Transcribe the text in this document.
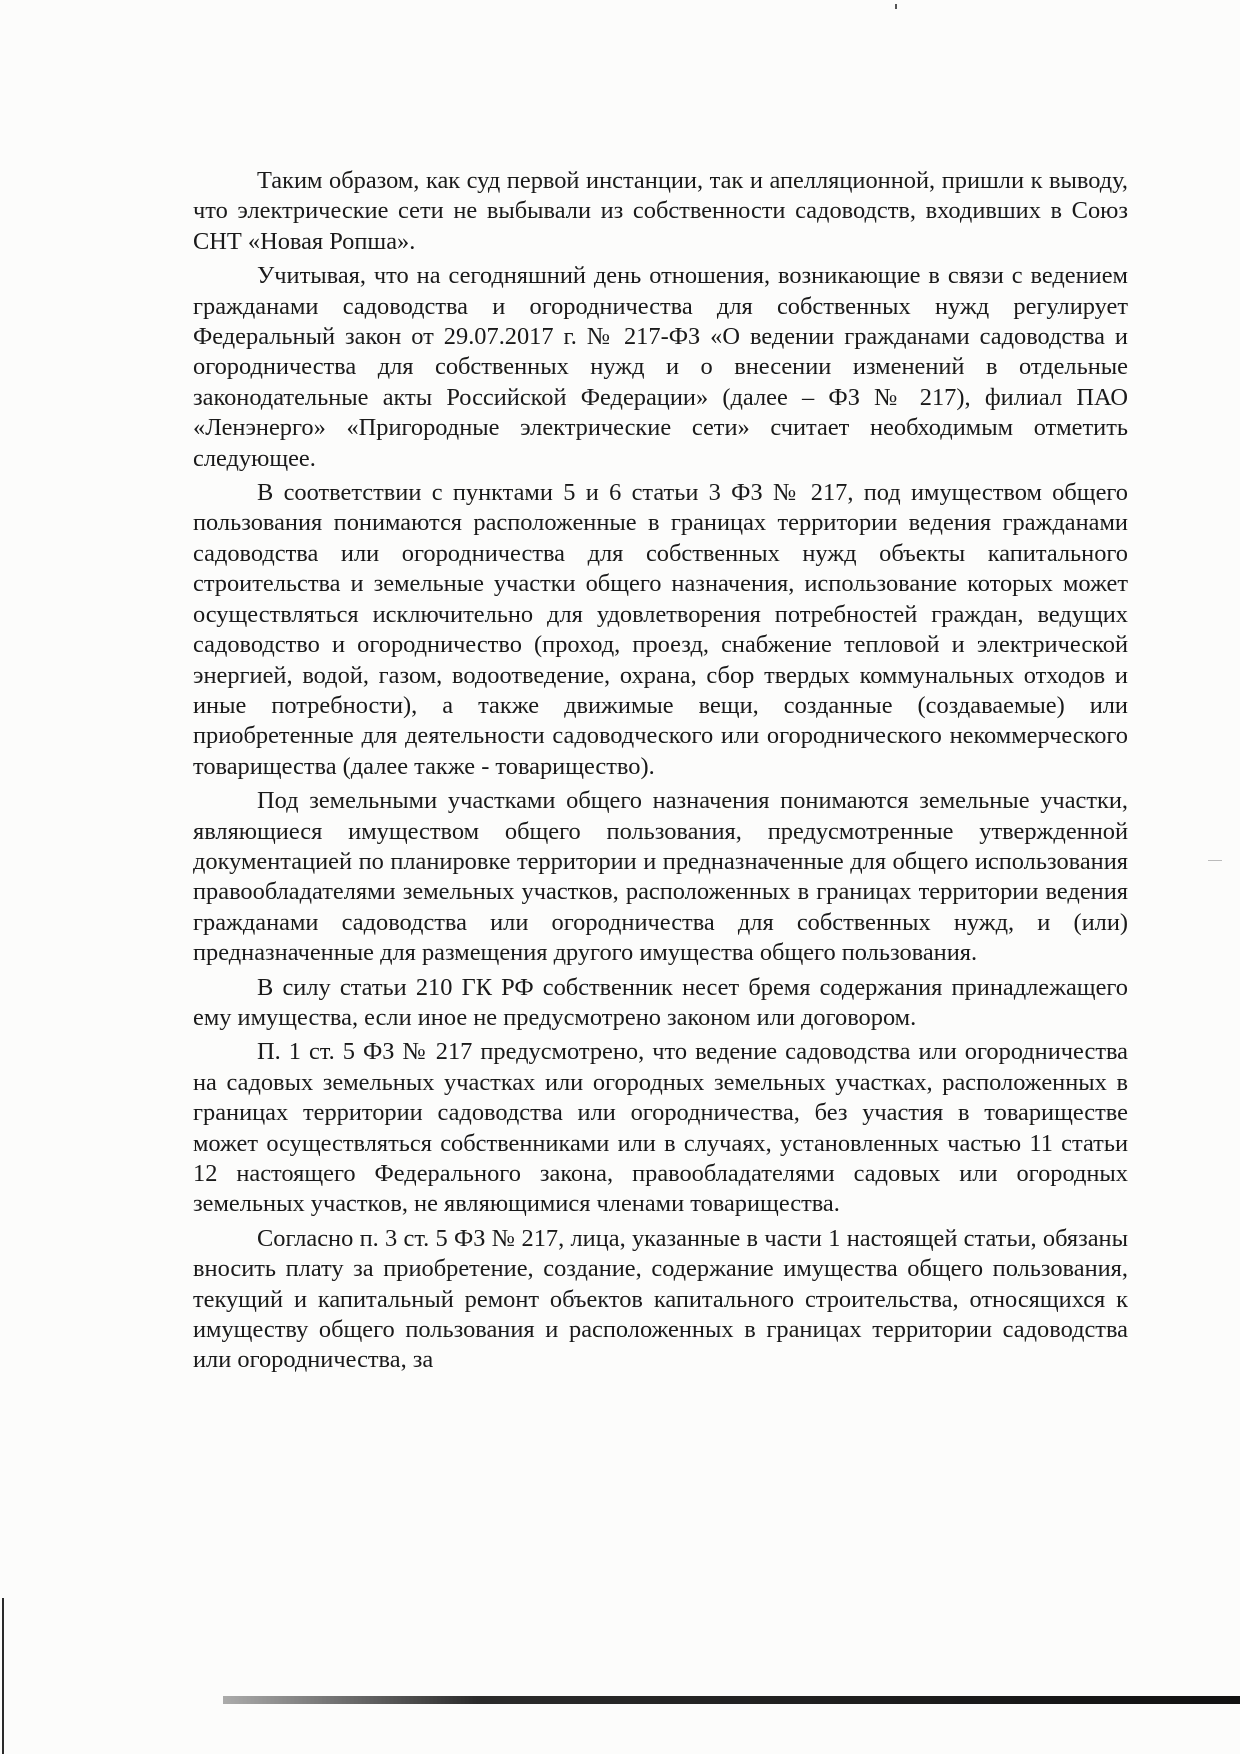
Таким образом, как суд первой инстанции, так и апелляционной, пришли к выводу, что электрические сети не выбывали из собственности садоводств, входивших в Союз СНТ «Новая Ропша».

Учитывая, что на сегодняшний день отношения, возникающие в связи с ведением гражданами садоводства и огородничества для собственных нужд регулирует Федеральный закон от 29.07.2017 г. № 217-ФЗ «О ведении гражданами садоводства и огородничества для собственных нужд и о внесении изменений в отдельные законодательные акты Российской Федерации» (далее – ФЗ № 217), филиал ПАО «Ленэнерго» «Пригородные электрические сети» считает необходимым отметить следующее.

В соответствии с пунктами 5 и 6 статьи 3 ФЗ № 217, под имуществом общего пользования понимаются расположенные в границах территории ведения гражданами садоводства или огородничества для собственных нужд объекты капитального строительства и земельные участки общего назначения, использование которых может осуществляться исключительно для удовлетворения потребностей граждан, ведущих садоводство и огородничество (проход, проезд, снабжение тепловой и электрической энергией, водой, газом, водоотведение, охрана, сбор твердых коммунальных отходов и иные потребности), а также движимые вещи, созданные (создаваемые) или приобретенные для деятельности садоводческого или огороднического некоммерческого товарищества (далее также - товарищество).

Под земельными участками общего назначения понимаются земельные участки, являющиеся имуществом общего пользования, предусмотренные утвержденной документацией по планировке территории и предназначенные для общего использования правообладателями земельных участков, расположенных в границах территории ведения гражданами садоводства или огородничества для собственных нужд, и (или) предназначенные для размещения другого имущества общего пользования.

В силу статьи 210 ГК РФ собственник несет бремя содержания принадлежащего ему имущества, если иное не предусмотрено законом или договором.

П. 1 ст. 5 ФЗ № 217 предусмотрено, что ведение садоводства или огородничества на садовых земельных участках или огородных земельных участках, расположенных в границах территории садоводства или огородничества, без участия в товариществе может осуществляться собственниками или в случаях, установленных частью 11 статьи 12 настоящего Федерального закона, правообладателями садовых или огородных земельных участков, не являющимися членами товарищества.

Согласно п. 3 ст. 5 ФЗ № 217, лица, указанные в части 1 настоящей статьи, обязаны вносить плату за приобретение, создание, содержание имущества общего пользования, текущий и капитальный ремонт объектов капитального строительства, относящихся к имуществу общего пользования и расположенных в границах территории садоводства или огородничества, за
